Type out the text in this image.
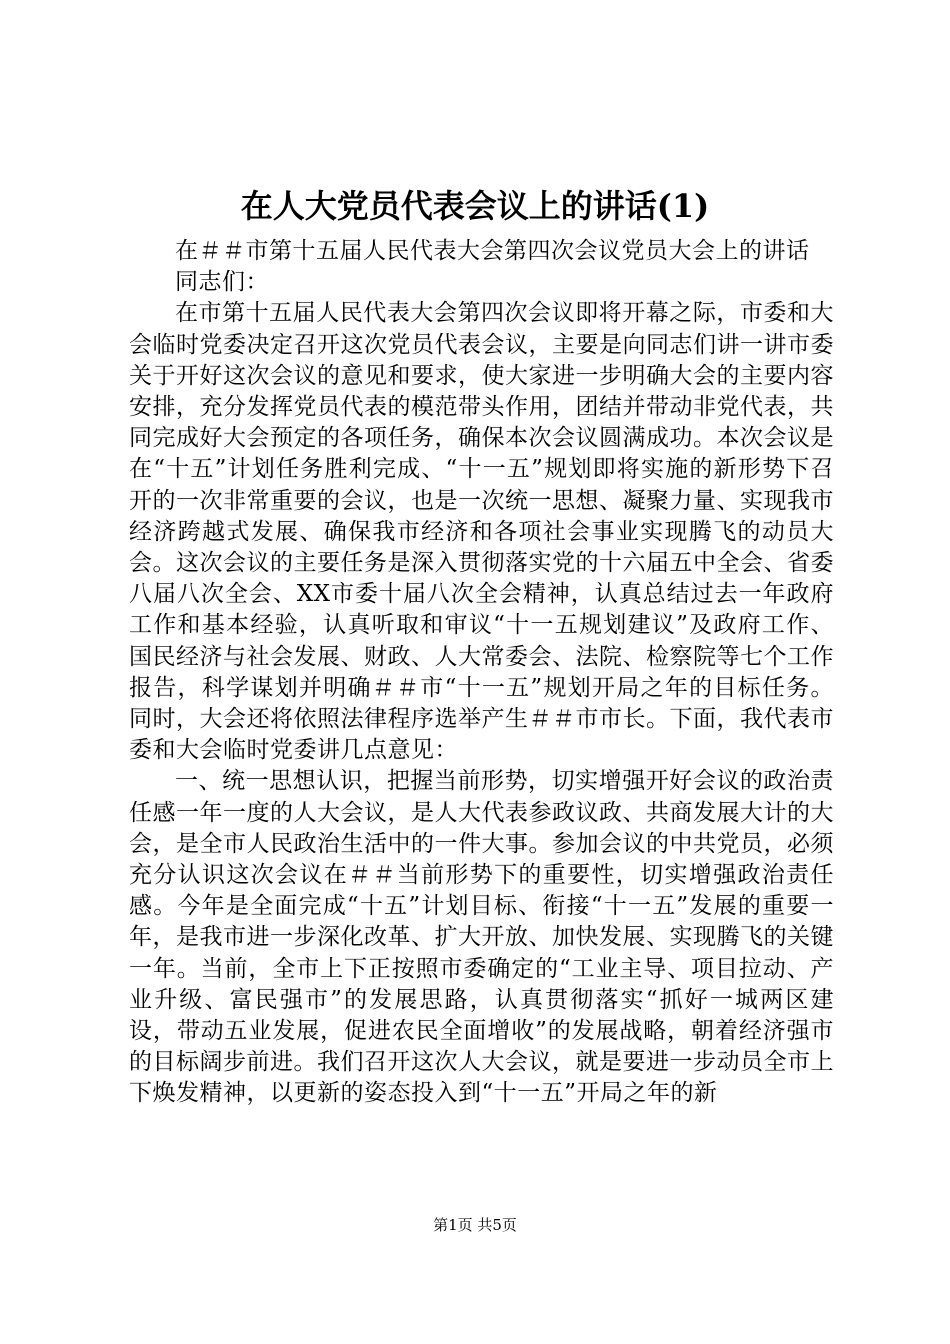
在人大党员代表会议上的讲话(1)

在＃＃市第十五届人民代表大会第四次会议党员大会上的讲话

同志们：

在市第十五届人民代表大会第四次会议即将开幕之际，市委和大会临时党委决定召开这次党员代表会议，主要是向同志们讲一讲市委关于开好这次会议的意见和要求，使大家进一步明确大会的主要内容安排，充分发挥党员代表的模范带头作用，团结并带动非党代表，共同完成好大会预定的各项任务，确保本次会议圆满成功。本次会议是在“十五”计划任务胜利完成、“十一五”规划即将实施的新形势下召开的一次非常重要的会议，也是一次统一思想、凝聚力量、实现我市经济跨越式发展、确保我市经济和各项社会事业实现腾飞的动员大会。这次会议的主要任务是深入贯彻落实党的十六届五中全会、省委八届八次全会、XX市委十届八次全会精神，认真总结过去一年政府工作和基本经验，认真听取和审议“十一五规划建议”及政府工作、国民经济与社会发展、财政、人大常委会、法院、检察院等七个工作报告，科学谋划并明确＃＃市“十一五”规划开局之年的目标任务。同时，大会还将依照法律程序选举产生＃＃市市长。下面，我代表市委和大会临时党委讲几点意见：

一、统一思想认识，把握当前形势，切实增强开好会议的政治责任感一年一度的人大会议，是人大代表参政议政、共商发展大计的大会，是全市人民政治生活中的一件大事。参加会议的中共党员，必须充分认识这次会议在＃＃当前形势下的重要性，切实增强政治责任感。今年是全面完成“十五”计划目标、衔接“十一五”发展的重要一年，是我市进一步深化改革、扩大开放、加快发展、实现腾飞的关键一年。当前，全市上下正按照市委确定的“工业主导、项目拉动、产业升级、富民强市”的发展思路，认真贯彻落实“抓好一城两区建设，带动五业发展，促进农民全面增收”的发展战略，朝着经济强市的目标阔步前进。我们召开这次人大会议，就是要进一步动员全市上下焕发精神，以更新的姿态投入到“十一五”开局之年的新

第1页 共5页
